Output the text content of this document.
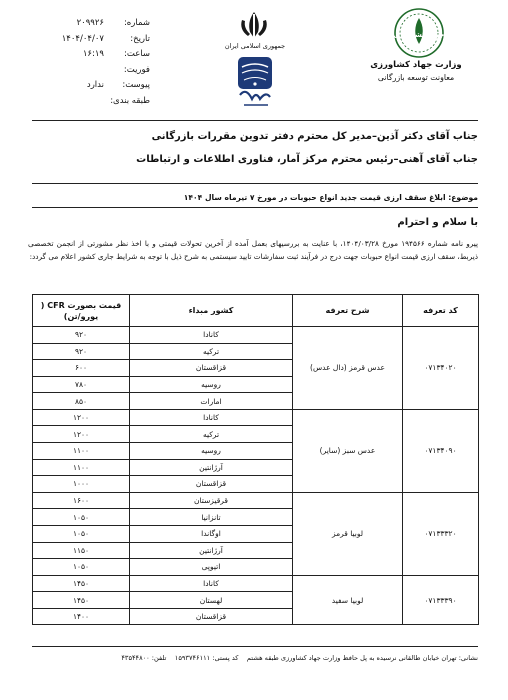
شماره:
۲۰۹۹۲۶
تاریخ:
۱۴۰۴/۰۴/۰۷
ساعت:
۱۶:۱۹
فوریت:
پیوست:
ندارد
طبقه بندی:
جمهوری اسلامی ایران
جهاد کشاورزی
وزارت جهاد کشاورزی
معاونت توسعه بازرگانی
جناب آقای دکتر آذین–مدیر کل محترم دفتر تدوین مقررات بازرگانی
جناب آقای آهنی–رئیس محترم مرکز آمار، فناوری اطلاعات و ارتباطات
موضوع: ابلاغ سقف ارزی قیمت جدید انواع حبوبات در مورخ ۷ تیرماه سال ۱۴۰۴
با سلام و احترام
پیرو نامه شماره ۱۹۴۵۶۶ مورخ ۱۴۰۴/۰۳/۲۸، با عنایت به بررسیهای بعمل آمده از آخرین تحولات قیمتی و با اخذ نظر مشورتی از انجمن تخصصی ذیربط، سقف ارزی قیمت انواع حبوبات جهت درج در فرآیند ثبت سفارشات تایید سیستمی به شرح ذیل با توجه به شرایط جاری کشور اعلام می گردد:
کد تعرفه	شرح تعرفه	کشور مبداء	قیمت بصورت CFR ( یورو/تن)
۰۷۱۳۴۰۲۰	عدس قرمز (دال عدس)	کانادا	۹۲۰
		ترکیه	۹۲۰
		قزاقستان	۶۰۰
		روسیه	۷۸۰
		امارات	۸۵۰
۰۷۱۳۴۰۹۰	عدس سبز (سایر)	کانادا	۱۲۰۰
		ترکیه	۱۲۰۰
		روسیه	۱۱۰۰
		آرژانتین	۱۱۰۰
		قزاقستان	۱۰۰۰
۰۷۱۳۳۳۲۰	لوبیا قرمز	قرقیزستان	۱۶۰۰
		تانزانیا	۱۰۵۰
		اوگاندا	۱۰۵۰
		آرژانتین	۱۱۵۰
		اتیوپی	۱۰۵۰
۰۷۱۳۳۳۹۰	لوبیا سفید	کانادا	۱۴۵۰
		لهستان	۱۴۵۰
		قزاقستان	۱۴۰۰
نشانی: تهران خیابان طالقانی نرسیده به پل حافظ وزارت جهاد کشاورزی طبقه هشتم    کد پستی: ۱۵۹۳۷۴۶۱۱۱    تلفن: ۴۳۵۴۴۸۰۰
